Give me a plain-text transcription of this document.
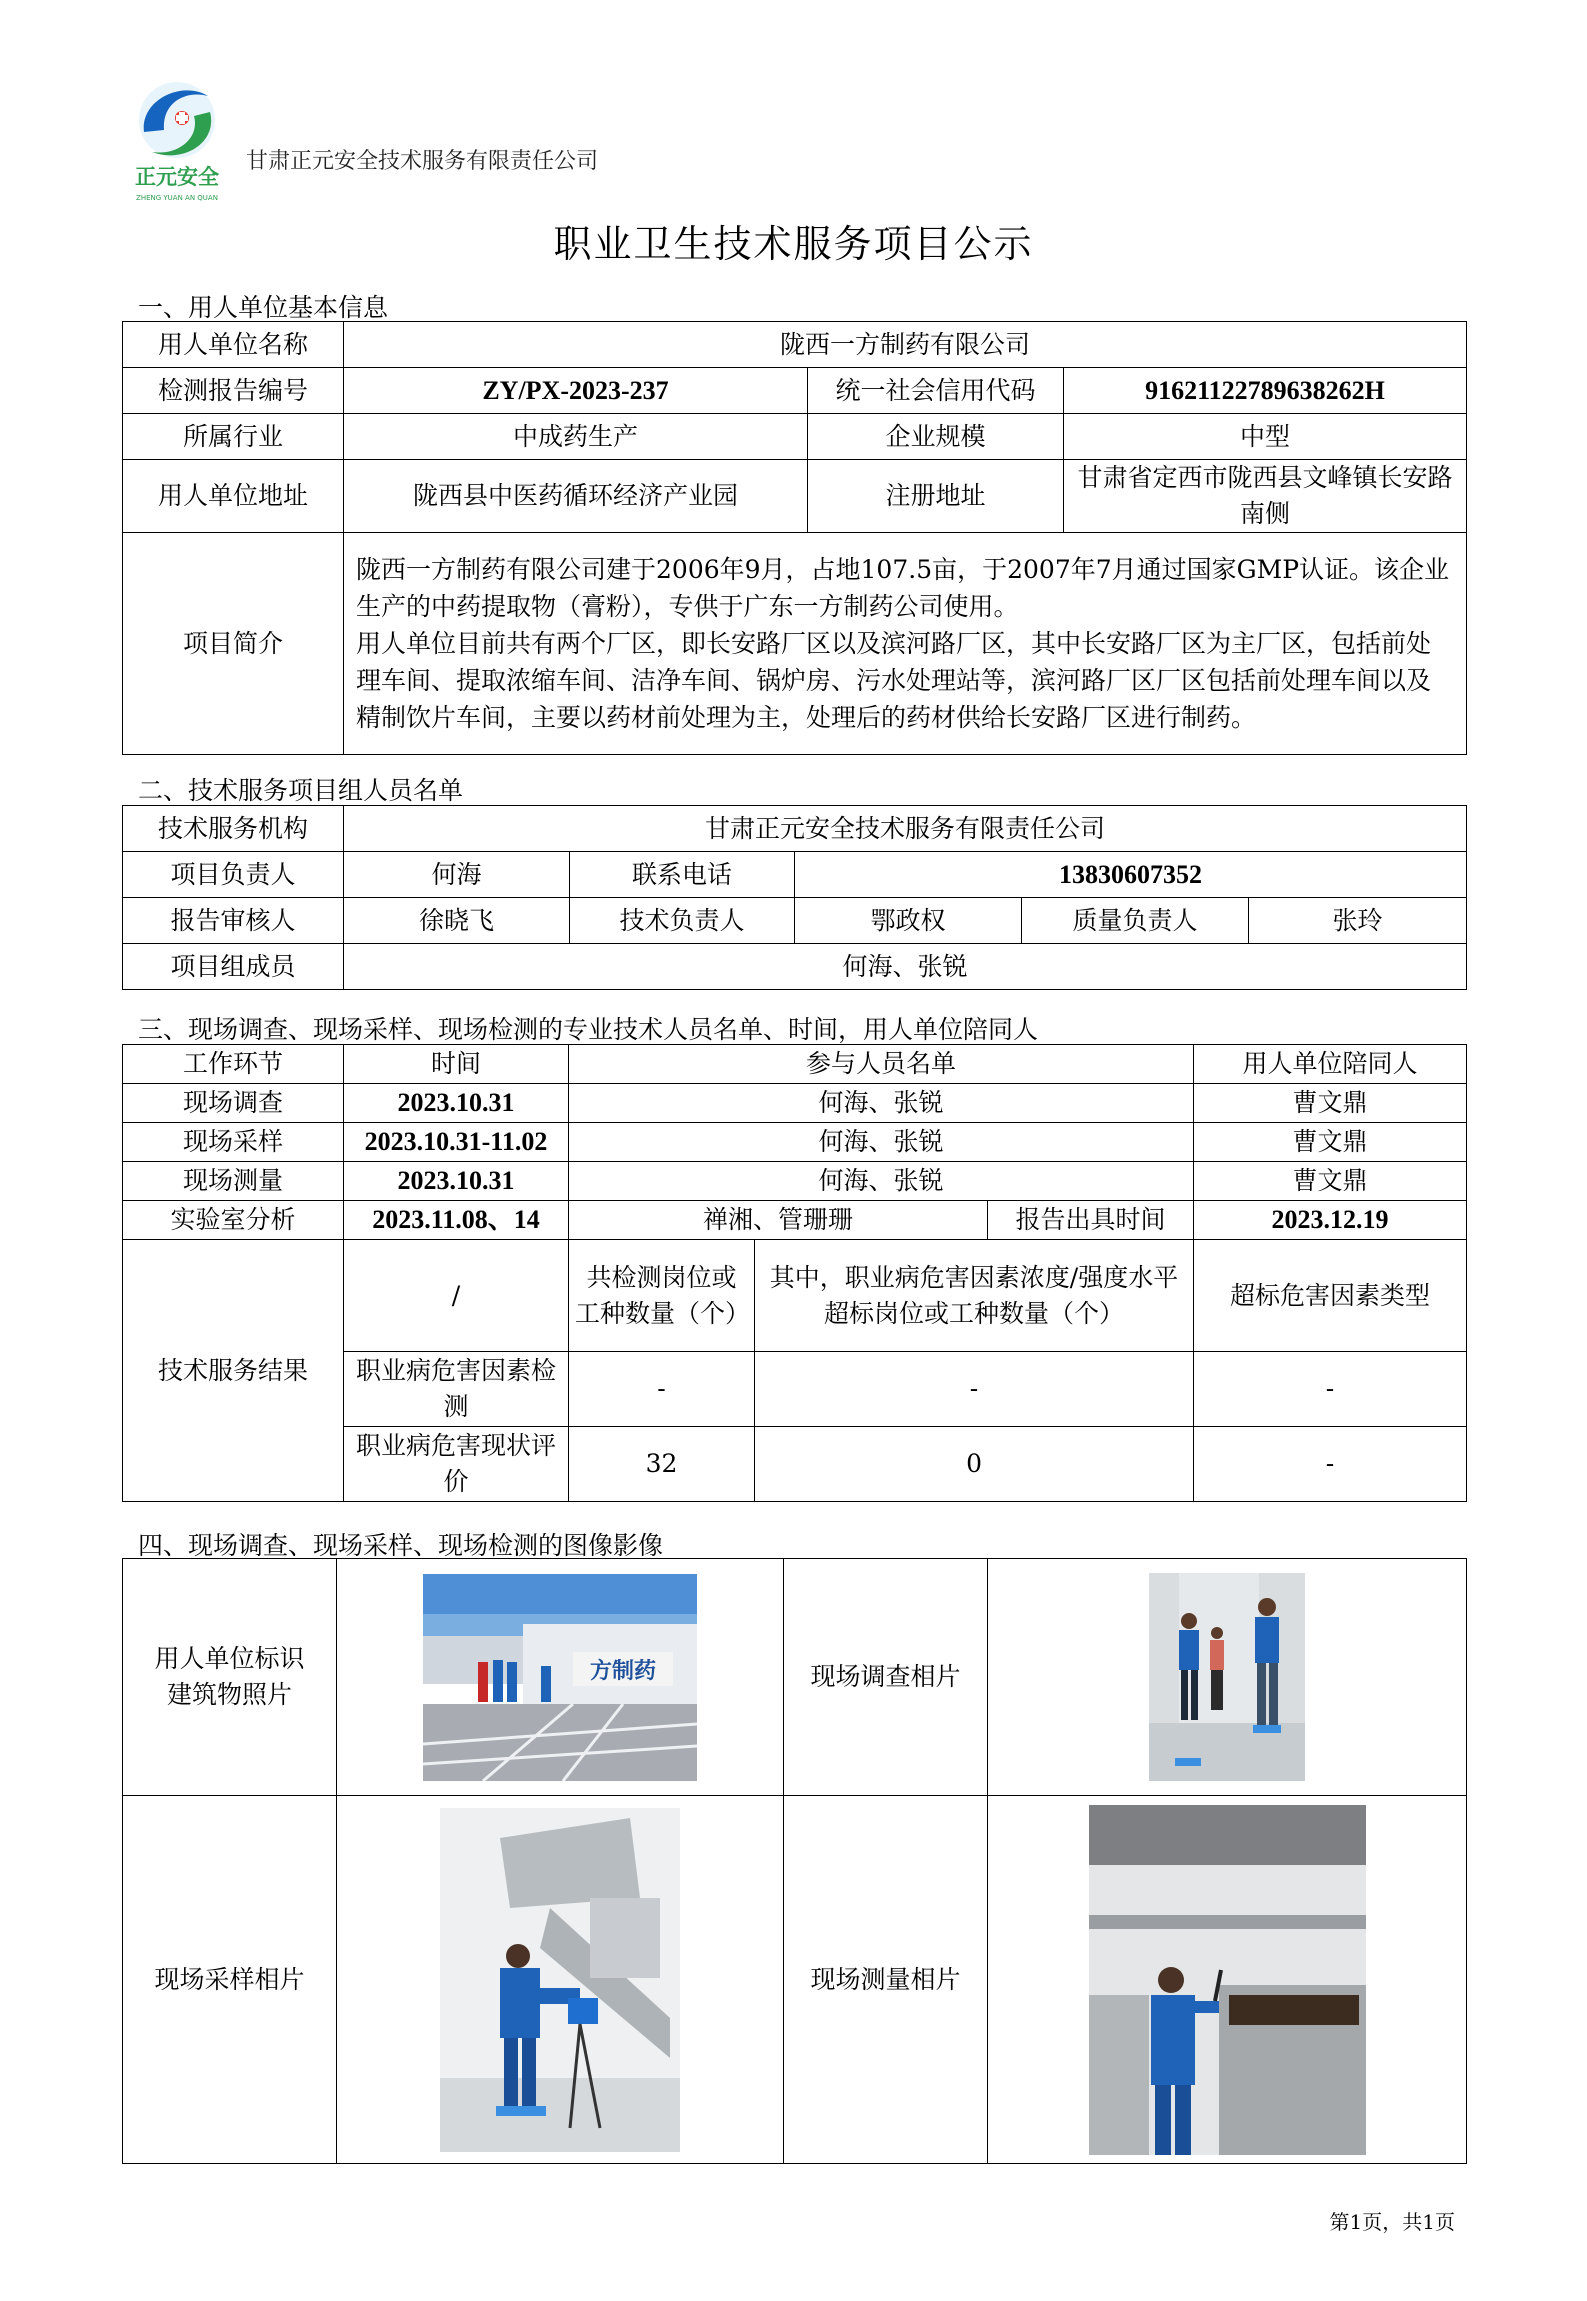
正元安全
ZHENG YUAN AN QUAN
甘肃正元安全技术服务有限责任公司
职业卫生技术服务项目公示
一、用人单位基本信息
用人单位名称	陇西一方制药有限公司		
检测报告编号	ZY/PX-2023-237	统一社会信用代码	91621122789638262H
所属行业	中成药生产	企业规模	中型
用人单位地址	陇西县中医药循环经济产业园	注册地址	甘肃省定西市陇西县文峰镇长安路南侧
项目简介	陇西一方制药有限公司建于2006年9月，占地107.5亩，于2007年7月通过国家GMP认证。该企业生产的中药提取物（膏粉），专供于广东一方制药公司使用。

用人单位目前共有两个厂区，即长安路厂区以及滨河路厂区，其中长安路厂区为主厂区，包括前处理车间、提取浓缩车间、洁净车间、锅炉房、污水处理站等，滨河路厂区厂区包括前处理车间以及精制饮片车间，主要以药材前处理为主，处理后的药材供给长安路厂区进行制药。		

二、技术服务项目组人员名单
技术服务机构	甘肃正元安全技术服务有限责任公司				
项目负责人	何海	联系电话	13830607352		
报告审核人	徐晓飞	技术负责人	鄂政权	质量负责人	张玲
项目组成员	何海、张锐				
三、现场调查、现场采样、现场检测的专业技术人员名单、时间，用人单位陪同人
工作环节	时间	参与人员名单			用人单位陪同人
现场调查	2023.10.31	何海、张锐			曹文鼎
现场采样	2023.10.31-11.02	何海、张锐			曹文鼎
现场测量	2023.10.31	何海、张锐			曹文鼎
实验室分析	2023.11.08、14	禅湘、管珊珊		报告出具时间	2023.12.19
技术服务结果	/	共检测岗位或工种数量（个）	其中，职业病危害因素浓度/强度水平超标岗位或工种数量（个）		超标危害因素类型
	职业病危害因素检测	-	-		-
	职业病危害现状评价	32	0		-
四、现场调查、现场采样、现场检测的图像影像
用人单位标识建筑物照片	方制药	现场调查相片	

现场采样相片		现场测量相片	
第1页，共1页
